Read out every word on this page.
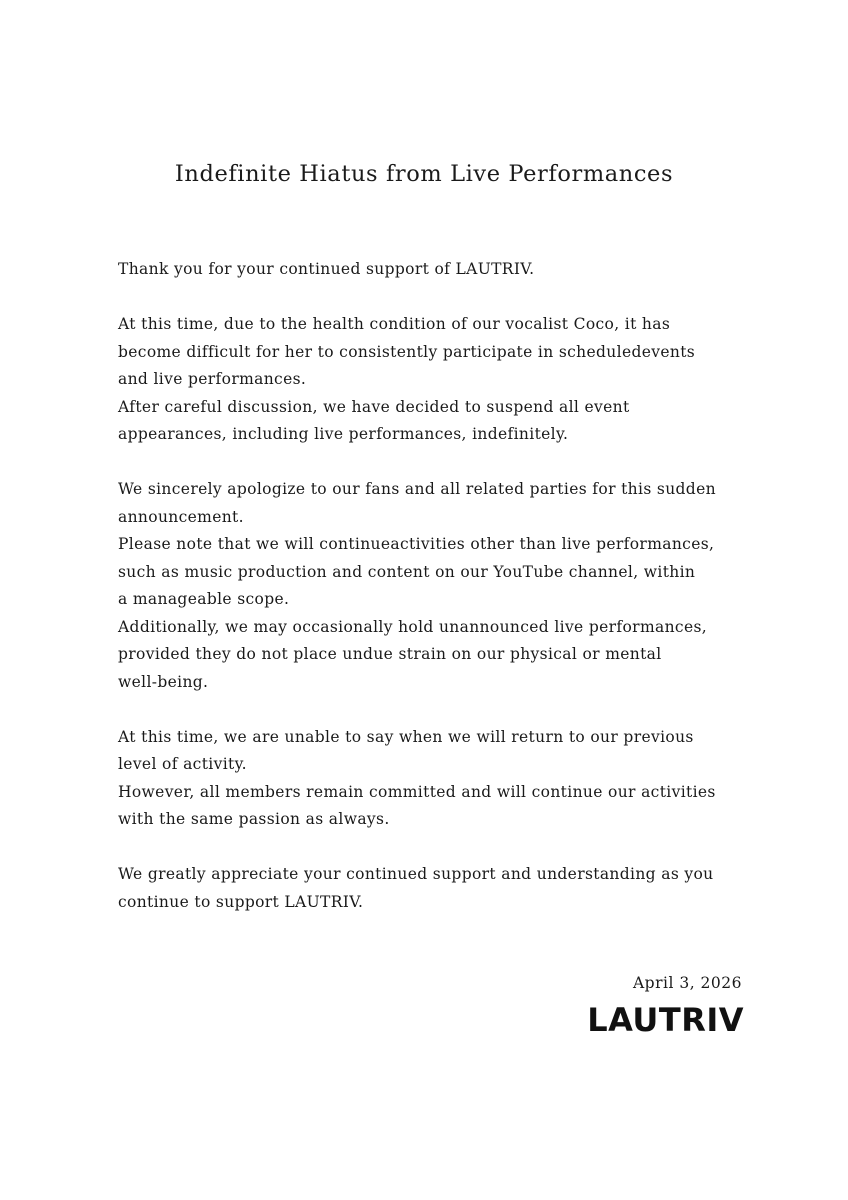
Indefinite Hiatus from Live Performances
Thank you for your continued support of LAUTRIV.
At this time, due to the health condition of our vocalist Coco, it has
become difficult for her to consistently participate in scheduledevents
and live performances.
After careful discussion, we have decided to suspend all event
appearances, including live performances, indefinitely.
We sincerely apologize to our fans and all related parties for this sudden
announcement.
Please note that we will continueactivities other than live performances,
such as music production and content on our YouTube channel, within
a manageable scope.
Additionally, we may occasionally hold unannounced live performances,
provided they do not place undue strain on our physical or mental
well-being.
At this time, we are unable to say when we will return to our previous
level of activity.
However, all members remain committed and will continue our activities
with the same passion as always.
We greatly appreciate your continued support and understanding as you
continue to support LAUTRIV.
April 3, 2026
LAUTRIV
